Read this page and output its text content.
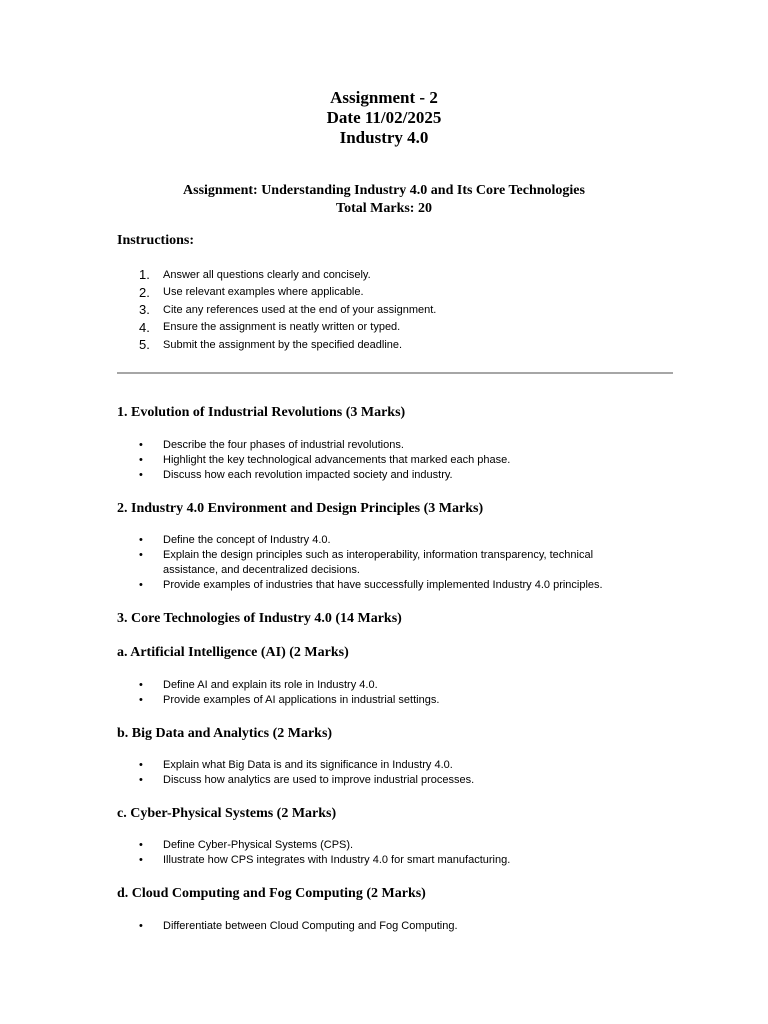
Assignment - 2
Date 11/02/2025
Industry 4.0
Assignment: Understanding Industry 4.0 and Its Core Technologies
Total Marks: 20
Instructions:
1.	Answer all questions clearly and concisely.
2.	Use relevant examples where applicable.
3.	Cite any references used at the end of your assignment.
4.	Ensure the assignment is neatly written or typed.
5.	Submit the assignment by the specified deadline.
1. Evolution of Industrial Revolutions (3 Marks)
•	Describe the four phases of industrial revolutions.
•	Highlight the key technological advancements that marked each phase.
•	Discuss how each revolution impacted society and industry.
2. Industry 4.0 Environment and Design Principles (3 Marks)
•	Define the concept of Industry 4.0.
•	Explain the design principles such as interoperability, information transparency, technical assistance, and decentralized decisions.
•	Provide examples of industries that have successfully implemented Industry 4.0 principles.
3. Core Technologies of Industry 4.0 (14 Marks)
a. Artificial Intelligence (AI) (2 Marks)
•	Define AI and explain its role in Industry 4.0.
•	Provide examples of AI applications in industrial settings.
b. Big Data and Analytics (2 Marks)
•	Explain what Big Data is and its significance in Industry 4.0.
•	Discuss how analytics are used to improve industrial processes.
c. Cyber-Physical Systems (2 Marks)
•	Define Cyber-Physical Systems (CPS).
•	Illustrate how CPS integrates with Industry 4.0 for smart manufacturing.
d. Cloud Computing and Fog Computing (2 Marks)
•	Differentiate between Cloud Computing and Fog Computing.
